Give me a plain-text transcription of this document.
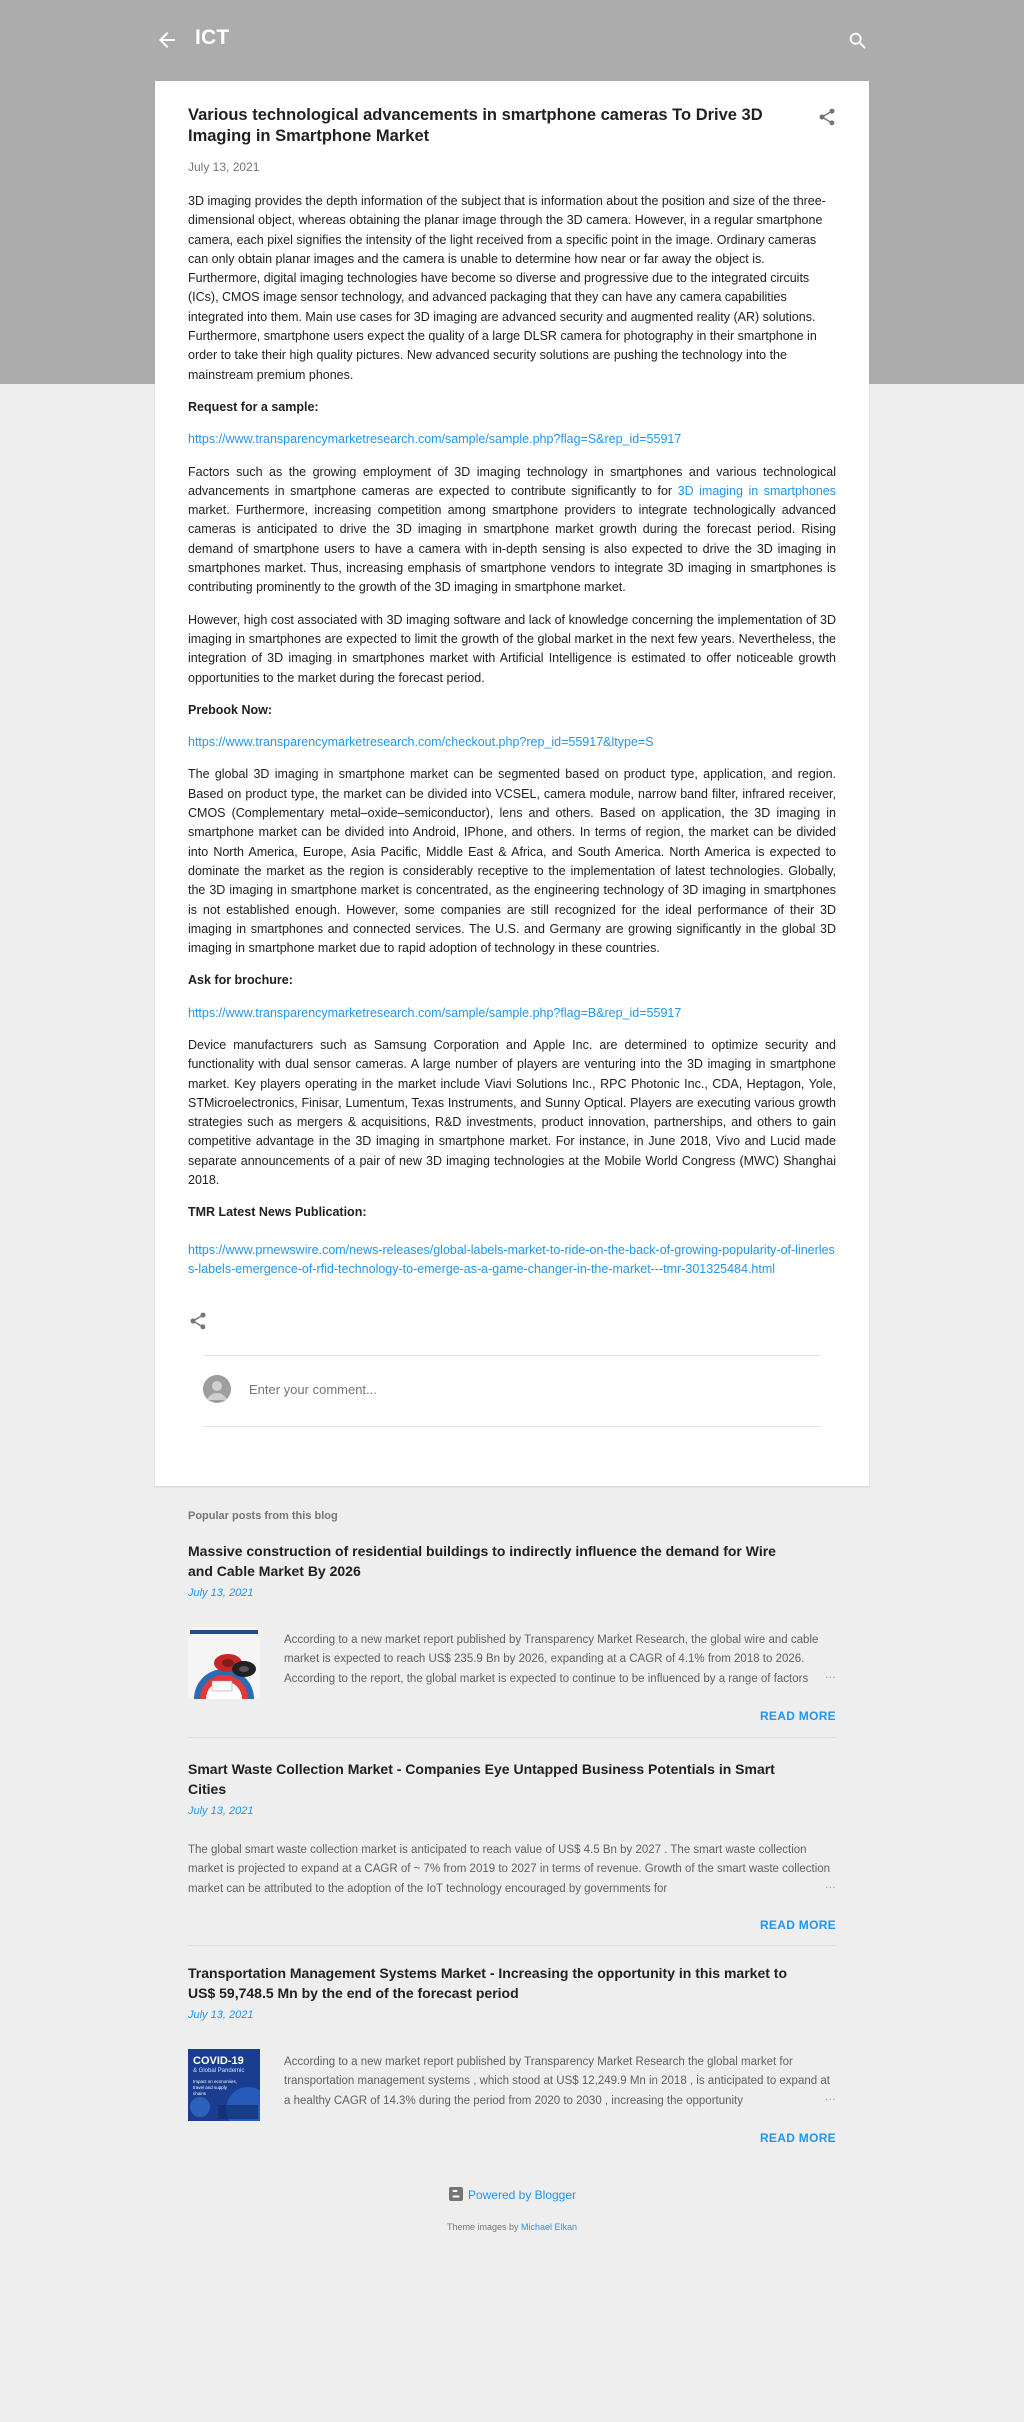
ICT
Various technological advancements in smartphone cameras To Drive 3D Imaging in Smartphone Market
July 13, 2021

3D imaging provides the depth information of the subject that is information about the position and size of the three-dimensional object, whereas obtaining the planar image through the 3D camera. However, in a regular smartphone camera, each pixel signifies the intensity of the light received from a specific point in the image. Ordinary cameras can only obtain planar images and the camera is unable to determine how near or far away the object is. Furthermore, digital imaging technologies have become so diverse and progressive due to the integrated circuits (ICs), CMOS image sensor technology, and advanced packaging that they can have any camera capabilities integrated into them. Main use cases for 3D imaging are advanced security and augmented reality (AR) solutions. Furthermore, smartphone users expect the quality of a large DLSR camera for photography in their smartphone in order to take their high quality pictures. New advanced security solutions are pushing the technology into the mainstream premium phones.

Request for a sample:

https://www.transparencymarketresearch.com/sample/sample.php?flag=S&rep_id=55917

Factors such as the growing employment of 3D imaging technology in smartphones and various technological advancements in smartphone cameras are expected to contribute significantly to for 3D imaging in smartphones market. Furthermore, increasing competition among smartphone providers to integrate technologically advanced cameras is anticipated to drive the 3D imaging in smartphone market growth during the forecast period. Rising demand of smartphone users to have a camera with in-depth sensing is also expected to drive the 3D imaging in smartphones market. Thus, increasing emphasis of smartphone vendors to integrate 3D imaging in smartphones is contributing prominently to the growth of the 3D imaging in smartphone market.

However, high cost associated with 3D imaging software and lack of knowledge concerning the implementation of 3D imaging in smartphones are expected to limit the growth of the global market in the next few years. Nevertheless, the integration of 3D imaging in smartphones market with Artificial Intelligence is estimated to offer noticeable growth opportunities to the market during the forecast period.

Prebook Now:

https://www.transparencymarketresearch.com/checkout.php?rep_id=55917&ltype=S

The global 3D imaging in smartphone market can be segmented based on product type, application, and region. Based on product type, the market can be divided into VCSEL, camera module, narrow band filter, infrared receiver, CMOS (Complementary metal–oxide–semiconductor), lens and others. Based on application, the 3D imaging in smartphone market can be divided into Android, IPhone, and others. In terms of region, the market can be divided into North America, Europe, Asia Pacific, Middle East & Africa, and South America. North America is expected to dominate the market as the region is considerably receptive to the implementation of latest technologies. Globally, the 3D imaging in smartphone market is concentrated, as the engineering technology of 3D imaging in smartphones is not established enough. However, some companies are still recognized for the ideal performance of their 3D imaging in smartphones and connected services. The U.S. and Germany are growing significantly in the global 3D imaging in smartphone market due to rapid adoption of technology in these countries.

Ask for brochure:

https://www.transparencymarketresearch.com/sample/sample.php?flag=B&rep_id=55917

Device manufacturers such as Samsung Corporation and Apple Inc. are determined to optimize security and functionality with dual sensor cameras. A large number of players are venturing into the 3D imaging in smartphone market. Key players operating in the market include Viavi Solutions Inc., RPC Photonic Inc., CDA, Heptagon, Yole, STMicroelectronics, Finisar, Lumentum, Texas Instruments, and Sunny Optical. Players are executing various growth strategies such as mergers & acquisitions, R&D investments, product innovation, partnerships, and others to gain competitive advantage in the 3D imaging in smartphone market. For instance, in June 2018, Vivo and Lucid made separate announcements of a pair of new 3D imaging technologies at the Mobile World Congress (MWC) Shanghai 2018.

TMR Latest News Publication:

https://www.prnewswire.com/news-releases/global-labels-market-to-ride-on-the-back-of-growing-popularity-of-linerless-labels-emergence-of-rfid-technology-to-emerge-as-a-game-changer-in-the-market---tmr-301325484.html

Enter your comment...
Popular posts from this blog
Massive construction of residential buildings to indirectly influence the demand for Wire and Cable Market By 2026
July 13, 2021
According to a new market report published by Transparency Market Research, the global wire and cable market is expected to reach US$ 235.9 Bn by 2026, expanding at a CAGR of 4.1% from 2018 to 2026. According to the report, the global market is expected to continue to be influenced by a range of factors	…
READ MORE
Smart Waste Collection Market - Companies Eye Untapped Business Potentials in Smart Cities
July 13, 2021
The global smart waste collection market is anticipated to reach value of US$ 4.5 Bn by 2027 . The smart waste collection market is projected to expand at a CAGR of ~ 7% from 2019 to 2027 in terms of revenue. Growth of the smart waste collection market can be attributed to the adoption of the IoT technology encouraged by governments for	…
READ MORE
Transportation Management Systems Market - Increasing the opportunity in this market to US$ 59,748.5 Mn by the end of the forecast period
July 13, 2021
COVID-19
& Global Pandemic
Impact on economies, travel and supply chains
According to a new market report published by Transparency Market Research the global market for transportation management systems , which stood at US$ 12,249.9 Mn in 2018 , is anticipated to expand at a healthy CAGR of 14.3% during the period from 2020 to 2030 , increasing the opportunity	…
READ MORE
Powered by Blogger
Theme images by Michael Elkan
